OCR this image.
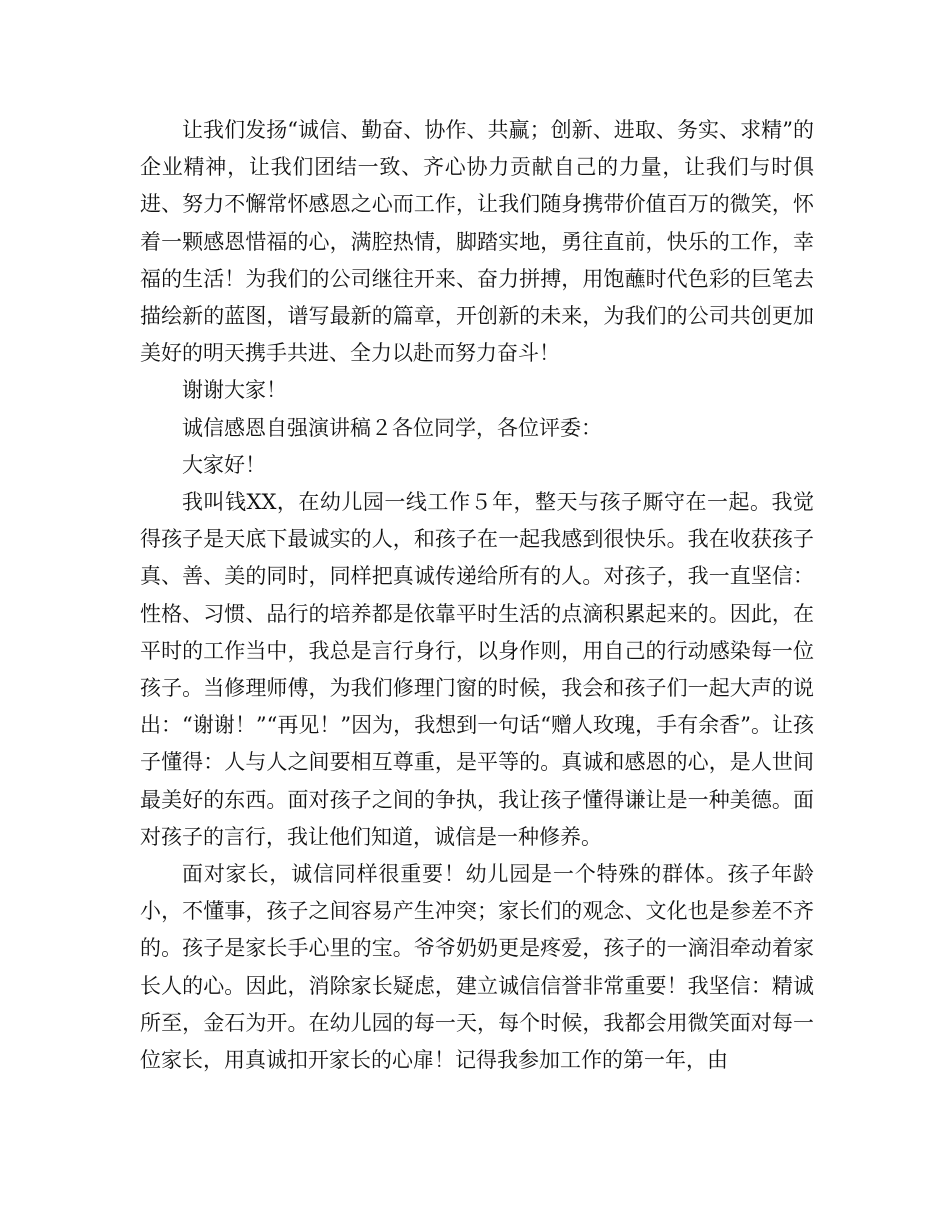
让我们发扬“诚信、勤奋、协作、共赢；创新、进取、务实、求精”的企业精神，让我们团结一致、齐心协力贡献自己的力量，让我们与时俱进、努力不懈常怀感恩之心而工作，让我们随身携带价值百万的微笑，怀着一颗感恩惜福的心，满腔热情，脚踏实地，勇往直前，快乐的工作，幸福的生活！为我们的公司继往开来、奋力拼搏，用饱蘸时代色彩的巨笔去描绘新的蓝图，谱写最新的篇章，开创新的未来，为我们的公司共创更加美好的明天携手共进、全力以赴而努力奋斗！

谢谢大家！

诚信感恩自强演讲稿２各位同学，各位评委：

大家好！

我叫钱XX，在幼儿园一线工作５年，整天与孩子厮守在一起。我觉得孩子是天底下最诚实的人，和孩子在一起我感到很快乐。我在收获孩子真、善、美的同时，同样把真诚传递给所有的人。对孩子，我一直坚信：性格、习惯、品行的培养都是依靠平时生活的点滴积累起来的。因此，在平时的工作当中，我总是言行身行，以身作则，用自己的行动感染每一位孩子。当修理师傅，为我们修理门窗的时候，我会和孩子们一起大声的说出：“谢谢！”“再见！”因为，我想到一句话“赠人玫瑰，手有余香”。让孩子懂得：人与人之间要相互尊重，是平等的。真诚和感恩的心，是人世间最美好的东西。面对孩子之间的争执，我让孩子懂得谦让是一种美德。面对孩子的言行，我让他们知道，诚信是一种修养。

面对家长，诚信同样很重要！幼儿园是一个特殊的群体。孩子年龄小，不懂事，孩子之间容易产生冲突；家长们的观念、文化也是参差不齐的。孩子是家长手心里的宝。爷爷奶奶更是疼爱，孩子的一滴泪牵动着家长人的心。因此，消除家长疑虑，建立诚信信誉非常重要！我坚信：精诚所至，金石为开。在幼儿园的每一天，每个时候，我都会用微笑面对每一位家长，用真诚扣开家长的心扉！记得我参加工作的第一年，由
